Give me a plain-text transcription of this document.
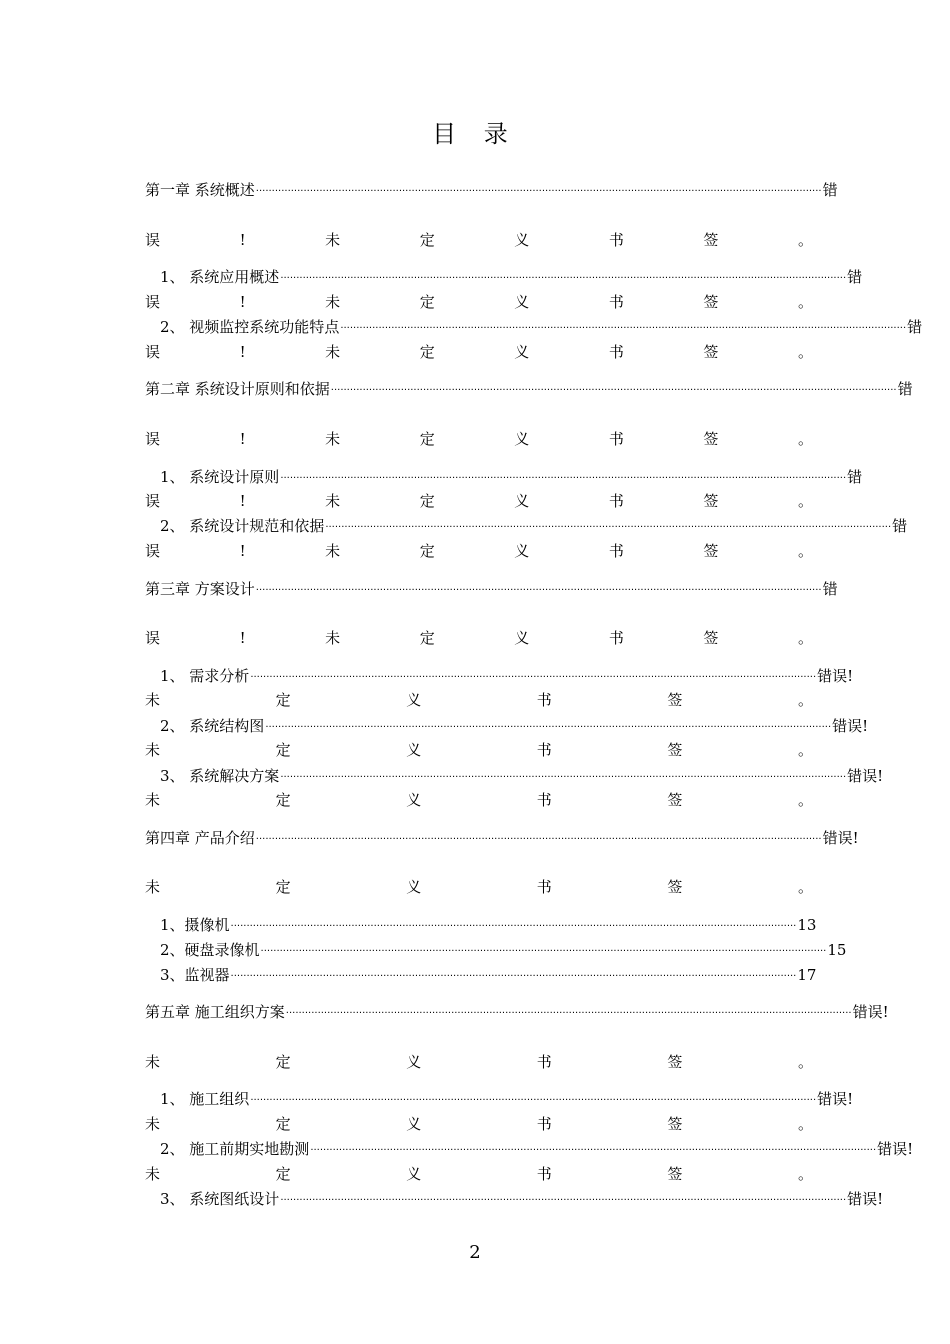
目 录
第一章 系统概述 ·················································································································································································· 错
误	!	未	定	义	书	签	。
1、 系统应用概述 ·················································································································································································· 错
误	!	未	定	义	书	签	。
2、 视频监控系统功能特点 ·················································································································································································· 错
误	!	未	定	义	书	签	。
第二章 系统设计原则和依据 ·················································································································································································· 错
误	!	未	定	义	书	签	。
1、 系统设计原则 ·················································································································································································· 错
误	!	未	定	义	书	签	。
2、 系统设计规范和依据 ·················································································································································································· 错
误	!	未	定	义	书	签	。
第三章 方案设计 ·················································································································································································· 错
误	!	未	定	义	书	签	。
1、 需求分析 ·················································································································································································· 错误!
未	定	义	书	签	。
2、 系统结构图 ·················································································································································································· 错误!
未	定	义	书	签	。
3、 系统解决方案 ·················································································································································································· 错误!
未	定	义	书	签	。
第四章 产品介绍 ·················································································································································································· 错误!
未	定	义	书	签	。
1、摄像机 ·················································································································································································· 13
2、硬盘录像机 ·················································································································································································· 15
3、监视器 ·················································································································································································· 17
第五章 施工组织方案 ·················································································································································································· 错误!
未	定	义	书	签	。
1、 施工组织 ·················································································································································································· 错误!
未	定	义	书	签	。
2、 施工前期实地勘测 ·················································································································································································· 错误!
未	定	义	书	签	。
3、 系统图纸设计 ·················································································································································································· 错误!
2
